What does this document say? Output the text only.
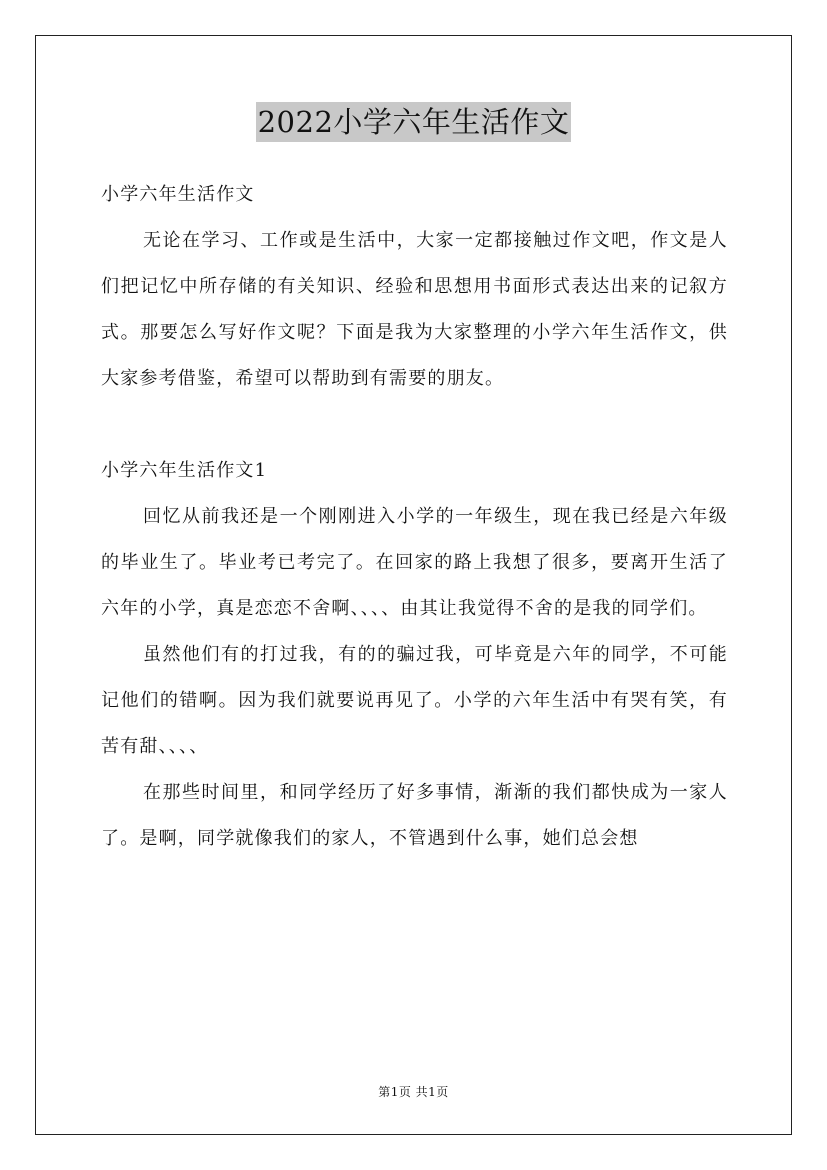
2022小学六年生活作文

小学六年生活作文

无论在学习、工作或是生活中，大家一定都接触过作文吧，作文是人们把记忆中所存储的有关知识、经验和思想用书面形式表达出来的记叙方式。那要怎么写好作文呢？下面是我为大家整理的小学六年生活作文，供大家参考借鉴，希望可以帮助到有需要的朋友。

小学六年生活作文1

回忆从前我还是一个刚刚进入小学的一年级生，现在我已经是六年级的毕业生了。毕业考已考完了。在回家的路上我想了很多，要离开生活了六年的小学，真是恋恋不舍啊、、、、由其让我觉得不舍的是我的同学们。

虽然他们有的打过我，有的的骗过我，可毕竟是六年的同学，不可能记他们的错啊。因为我们就要说再见了。小学的六年生活中有哭有笑，有苦有甜、、、、

在那些时间里，和同学经历了好多事情，渐渐的我们都快成为一家人了。是啊，同学就像我们的家人，不管遇到什么事，她们总会想

第1页 共1页
